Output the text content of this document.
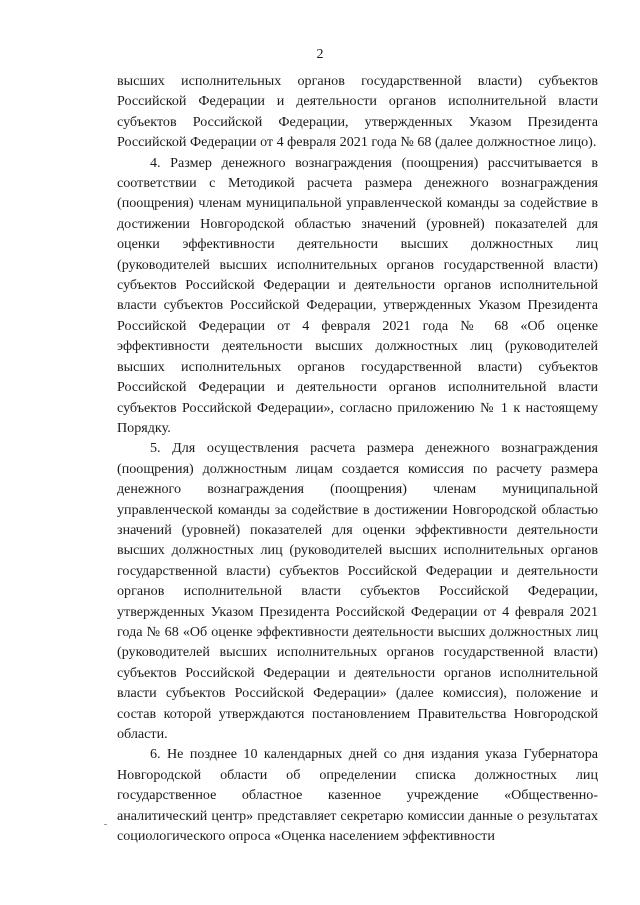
2

высших исполнительных органов государственной власти) субъектов Российской Федерации и деятельности органов исполнительной власти субъектов Российской Федерации, утвержденных Указом Президента Российской Федерации от 4 февраля 2021 года № 68 (далее должностное лицо).

4. Размер денежного вознаграждения (поощрения) рассчитывается в соответствии с Методикой расчета размера денежного вознаграждения (поощрения) членам муниципальной управленческой команды за содействие в достижении Новгородской областью значений (уровней) показателей для оценки эффективности деятельности высших должностных лиц (руководителей высших исполнительных органов государственной власти) субъектов Российской Федерации и деятельности органов исполнительной власти субъектов Российской Федерации, утвержденных Указом Президента Российской Федерации от 4 февраля 2021 года № 68 «Об оценке эффективности деятельности высших должностных лиц (руководителей высших исполнительных органов государственной власти) субъектов Российской Федерации и деятельности органов исполнительной власти субъектов Российской Федерации», согласно приложению № 1 к настоящему Порядку.

5. Для осуществления расчета размера денежного вознаграждения (поощрения) должностным лицам создается комиссия по расчету размера денежного вознаграждения (поощрения) членам муниципальной управленческой команды за содействие в достижении Новгородской областью значений (уровней) показателей для оценки эффективности деятельности высших должностных лиц (руководителей высших исполнительных органов государственной власти) субъектов Российской Федерации и деятельности органов исполнительной власти субъектов Российской Федерации, утвержденных Указом Президента Российской Федерации от 4 февраля 2021 года № 68 «Об оценке эффективности деятельности высших должностных лиц (руководителей высших исполнительных органов государственной власти) субъектов Российской Федерации и деятельности органов исполнительной власти субъектов Российской Федерации» (далее комиссия), положение и состав которой утверждаются постановлением Правительства Новгородской области.

6. Не позднее 10 календарных дней со дня издания указа Губернатора Новгородской области об определении списка должностных лиц государственное областное казенное учреждение «Общественно-аналитический центр» представляет секретарю комиссии данные о результатах социологического опроса «Оценка населением эффективности
